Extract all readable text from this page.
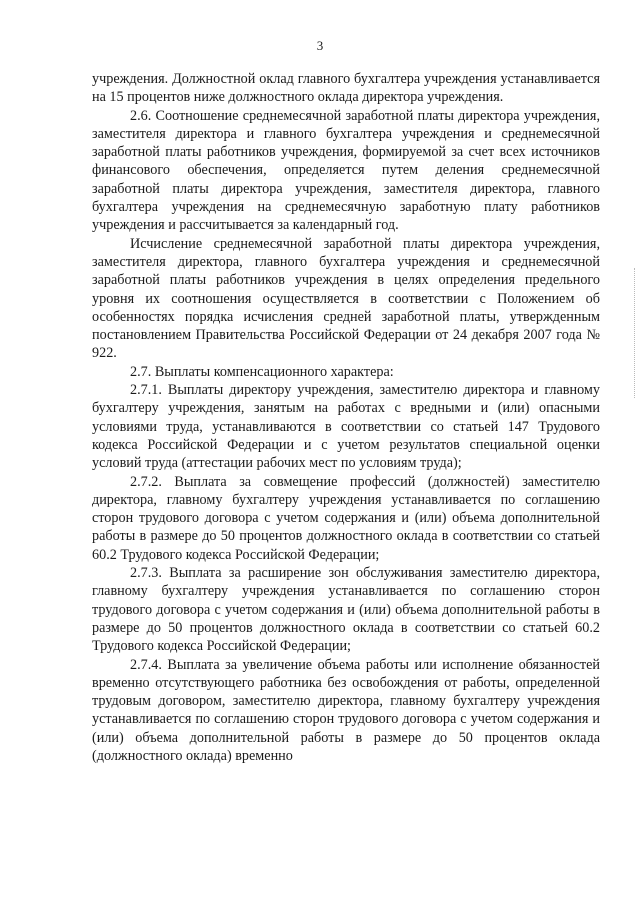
3

учреждения. Должностной оклад главного бухгалтера учреждения устанавливается на 15 процентов ниже должностного оклада директора учреждения.

2.6. Соотношение среднемесячной заработной платы директора учреждения, заместителя директора и главного бухгалтера учреждения и среднемесячной заработной платы работников учреждения, формируемой за счет всех источников финансового обеспечения, определяется путем деления среднемесячной заработной платы директора учреждения, заместителя директора, главного бухгалтера учреждения на среднемесячную заработную плату работников учреждения и рассчитывается за календарный год.

Исчисление среднемесячной заработной платы директора учреждения, заместителя директора, главного бухгалтера учреждения и среднемесячной заработной платы работников учреждения в целях определения предельного уровня их соотношения осуществляется в соответствии с Положением об особенностях порядка исчисления средней заработной платы, утвержденным постановлением Правительства Российской Федерации от 24 декабря 2007 года № 922.

2.7. Выплаты компенсационного характера:

2.7.1. Выплаты директору учреждения, заместителю директора и главному бухгалтеру учреждения, занятым на работах с вредными и (или) опасными условиями труда, устанавливаются в соответствии со статьей 147 Трудового кодекса Российской Федерации и с учетом результатов специальной оценки условий труда (аттестации рабочих мест по условиям труда);

2.7.2. Выплата за совмещение профессий (должностей) заместителю директора, главному бухгалтеру учреждения устанавливается по соглашению сторон трудового договора с учетом содержания и (или) объема дополнительной работы в размере до 50 процентов должностного оклада в соответствии со статьей 60.2 Трудового кодекса Российской Федерации;

2.7.3. Выплата за расширение зон обслуживания заместителю директора, главному бухгалтеру учреждения устанавливается по соглашению сторон трудового договора с учетом содержания и (или) объема дополнительной работы в размере до 50 процентов должностного оклада в соответствии со статьей 60.2 Трудового кодекса Российской Федерации;

2.7.4. Выплата за увеличение объема работы или исполнение обязанностей временно отсутствующего работника без освобождения от работы, определенной трудовым договором, заместителю директора, главному бухгалтеру учреждения устанавливается по соглашению сторон трудового договора с учетом содержания и (или) объема дополнительной работы в размере до 50 процентов оклада (должностного оклада) временно
